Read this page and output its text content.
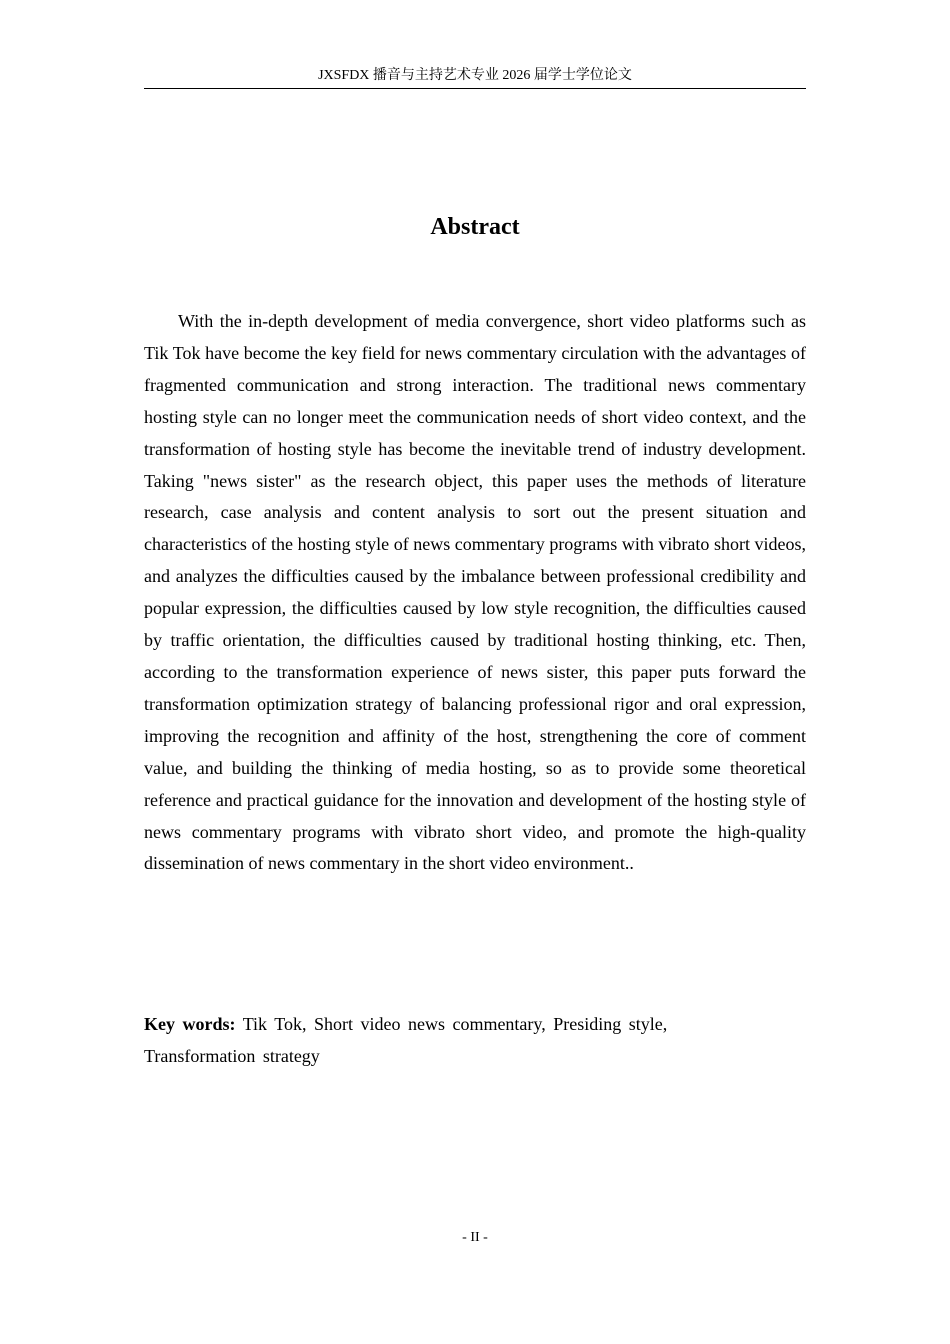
JXSFDX 播音与主持艺术专业 2026 届学士学位论文
Abstract

With the in-depth development of media convergence, short video platforms such as Tik Tok have become the key field for news commentary circulation with the advantages of fragmented communication and strong interaction. The traditional news commentary hosting style can no longer meet the communication needs of short video context, and the transformation of hosting style has become the inevitable trend of industry development. Taking "news sister" as the research object, this paper uses the methods of literature research, case analysis and content analysis to sort out the present situation and characteristics of the hosting style of news commentary programs with vibrato short videos, and analyzes the difficulties caused by the imbalance between professional credibility and popular expression, the difficulties caused by low style recognition, the difficulties caused by traffic orientation, the difficulties caused by traditional hosting thinking, etc. Then, according to the transformation experience of news sister, this paper puts forward the transformation optimization strategy of balancing professional rigor and oral expression, improving the recognition and affinity of the host, strengthening the core of comment value, and building the thinking of media hosting, so as to provide some theoretical reference and practical guidance for the innovation and development of the hosting style of news commentary programs with vibrato short video, and promote the high-quality dissemination of news commentary in the short video environment..

Key words: Tik Tok, Short video news commentary, Presiding style, Transformation strategy

- II -
